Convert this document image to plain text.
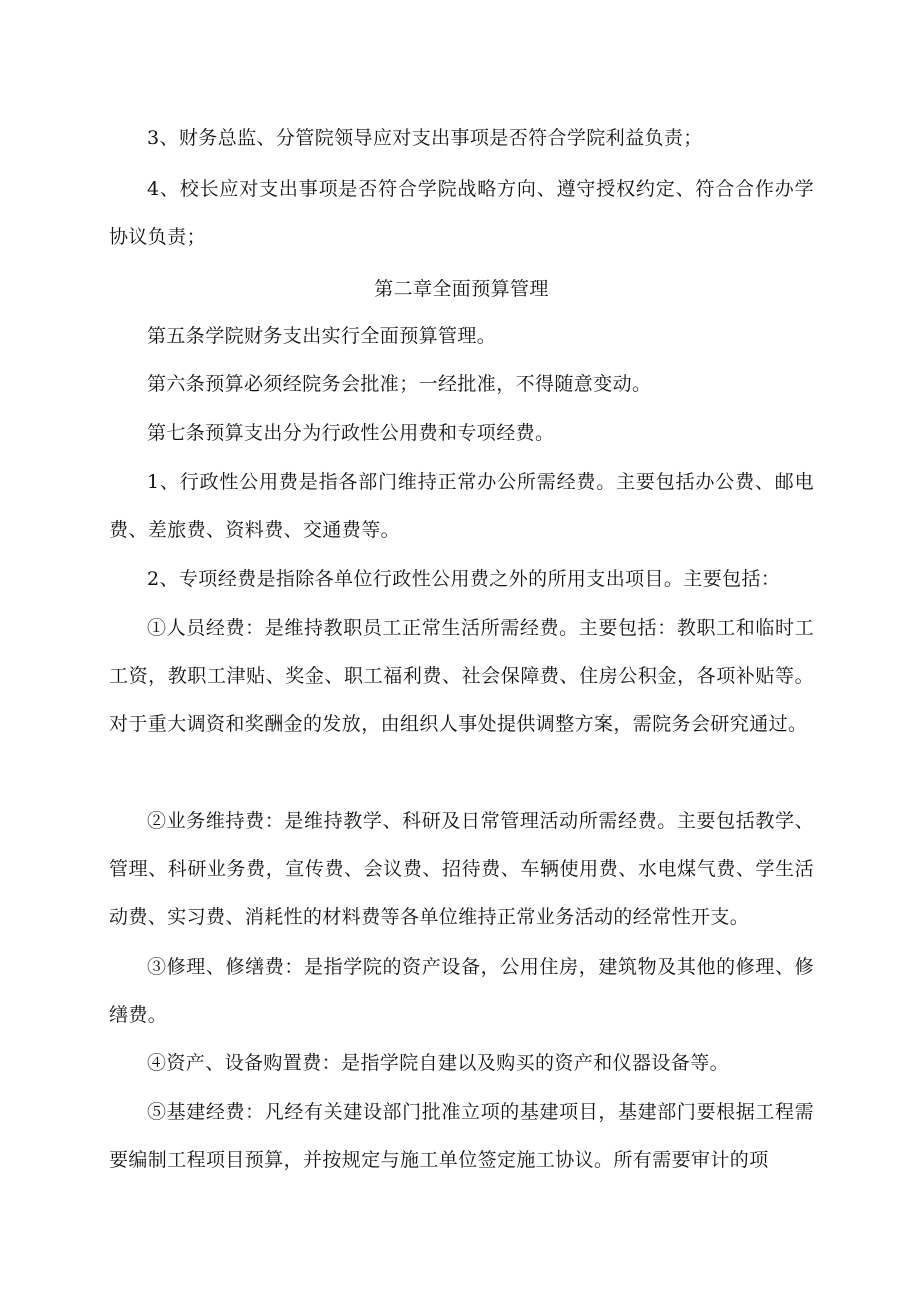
3、财务总监、分管院领导应对支出事项是否符合学院利益负责；

4、校长应对支出事项是否符合学院战略方向、遵守授权约定、符合合作办学协议负责；

第二章全面预算管理

第五条学院财务支出实行全面预算管理。

第六条预算必须经院务会批准；一经批准，不得随意变动。

第七条预算支出分为行政性公用费和专项经费。

1、行政性公用费是指各部门维持正常办公所需经费。主要包括办公费、邮电费、差旅费、资料费、交通费等。

2、专项经费是指除各单位行政性公用费之外的所用支出项目。主要包括：

①人员经费：是维持教职员工正常生活所需经费。主要包括：教职工和临时工工资，教职工津贴、奖金、职工福利费、社会保障费、住房公积金，各项补贴等。对于重大调资和奖酬金的发放，由组织人事处提供调整方案，需院务会研究通过。

②业务维持费：是维持教学、科研及日常管理活动所需经费。主要包括教学、管理、科研业务费，宣传费、会议费、招待费、车辆使用费、水电煤气费、学生活动费、实习费、消耗性的材料费等各单位维持正常业务活动的经常性开支。

③修理、修缮费：是指学院的资产设备，公用住房，建筑物及其他的修理、修缮费。

④资产、设备购置费：是指学院自建以及购买的资产和仪器设备等。

⑤基建经费：凡经有关建设部门批准立项的基建项目，基建部门要根据工程需要编制工程项目预算，并按规定与施工单位签定施工协议。所有需要审计的项
